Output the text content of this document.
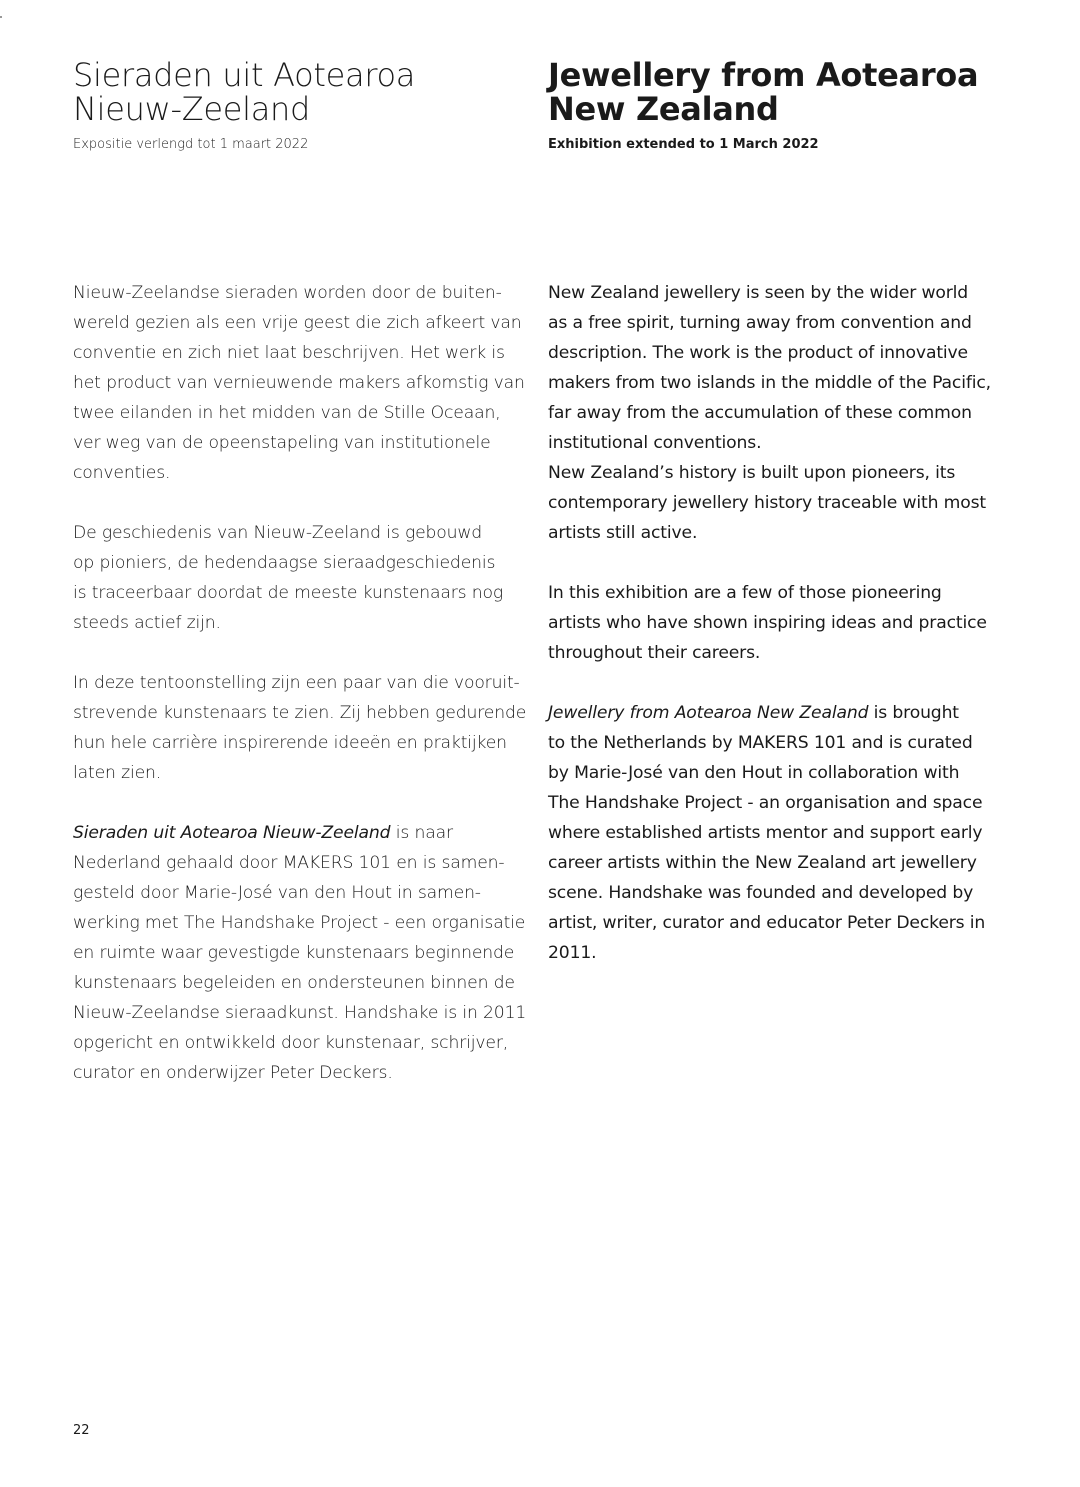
Sieraden uit Aotearoa
Nieuw-Zeeland

Expositie verlengd tot 1 maart 2022

Nieuw-Zeelandse sieraden worden door de buiten-
wereld gezien als een vrije geest die zich afkeert van
conventie en zich niet laat beschrijven. Het werk is
het product van vernieuwende makers afkomstig van
twee eilanden in het midden van de Stille Oceaan,
ver weg van de opeenstapeling van institutionele
conventies.

De geschiedenis van Nieuw-Zeeland is gebouwd
op pioniers, de hedendaagse sieraadgeschiedenis
is traceerbaar doordat de meeste kunstenaars nog
steeds actief zijn.

In deze tentoonstelling zijn een paar van die vooruit-
strevende kunstenaars te zien. Zij hebben gedurende
hun hele carrière inspirerende ideeën en praktijken
laten zien.

Sieraden uit Aotearoa Nieuw-Zeeland is naar
Nederland gehaald door MAKERS 101 en is samen-
gesteld door Marie-José van den Hout in samen-
werking met The Handshake Project - een organisatie
en ruimte waar gevestigde kunstenaars beginnende
kunstenaars begeleiden en ondersteunen binnen de
Nieuw-Zeelandse sieraadkunst. Handshake is in 2011
opgericht en ontwikkeld door kunstenaar, schrijver,
curator en onderwijzer Peter Deckers.

Jewellery from Aotearoa
New Zealand

Exhibition extended to 1 March 2022

New Zealand jewellery is seen by the wider world
as a free spirit, turning away from convention and
description. The work is the product of innovative
makers from two islands in the middle of the Pacific,
far away from the accumulation of these common
institutional conventions.

New Zealand’s history is built upon pioneers, its
contemporary jewellery history traceable with most
artists still active.

In this exhibition are a few of those pioneering
artists who have shown inspiring ideas and practice
throughout their careers.

Jewellery from Aotearoa New Zealand is brought
to the Netherlands by MAKERS 101 and is curated
by Marie-José van den Hout in collaboration with
The Handshake Project - an organisation and space
where established artists mentor and support early
career artists within the New Zealand art jewellery
scene. Handshake was founded and developed by
artist, writer, curator and educator Peter Deckers in
2011.

22
